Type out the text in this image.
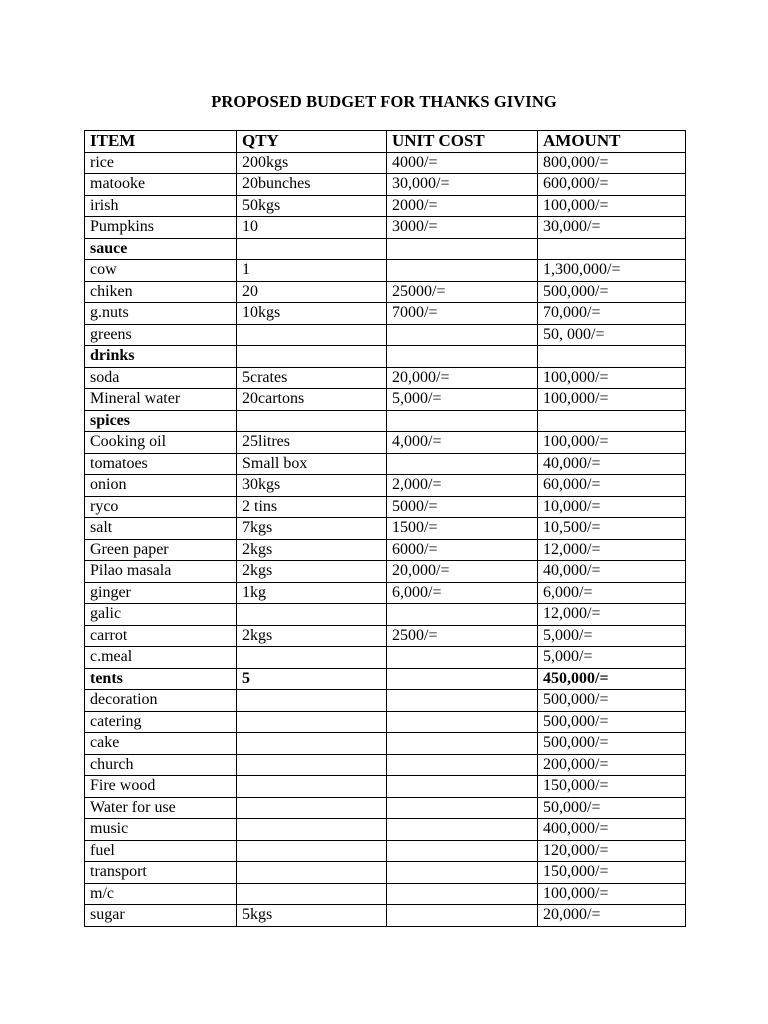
PROPOSED BUDGET FOR THANKS GIVING
ITEM	QTY	UNIT COST	AMOUNT
rice	200kgs	4000/=	800,000/=
matooke	20bunches	30,000/=	600,000/=
irish	50kgs	2000/=	100,000/=
Pumpkins	10	3000/=	30,000/=
sauce			
cow	1		1,300,000/=
chiken	20	25000/=	500,000/=
g.nuts	10kgs	7000/=	70,000/=
greens			50, 000/=
drinks			
soda	5crates	20,000/=	100,000/=
Mineral water	20cartons	5,000/=	100,000/=
spices			
Cooking oil	25litres	4,000/=	100,000/=
tomatoes	Small box		40,000/=
onion	30kgs	2,000/=	60,000/=
ryco	2 tins	5000/=	10,000/=
salt	7kgs	1500/=	10,500/=
Green paper	2kgs	6000/=	12,000/=
Pilao masala	2kgs	20,000/=	40,000/=
ginger	1kg	6,000/=	6,000/=
galic			12,000/=
carrot	2kgs	2500/=	5,000/=
c.meal			5,000/=
tents	5		450,000/=
decoration			500,000/=
catering			500,000/=
cake			500,000/=
church			200,000/=
Fire wood			150,000/=
Water for use			50,000/=
music			400,000/=
fuel			120,000/=
transport			150,000/=
m/c			100,000/=
sugar	5kgs		20,000/=
